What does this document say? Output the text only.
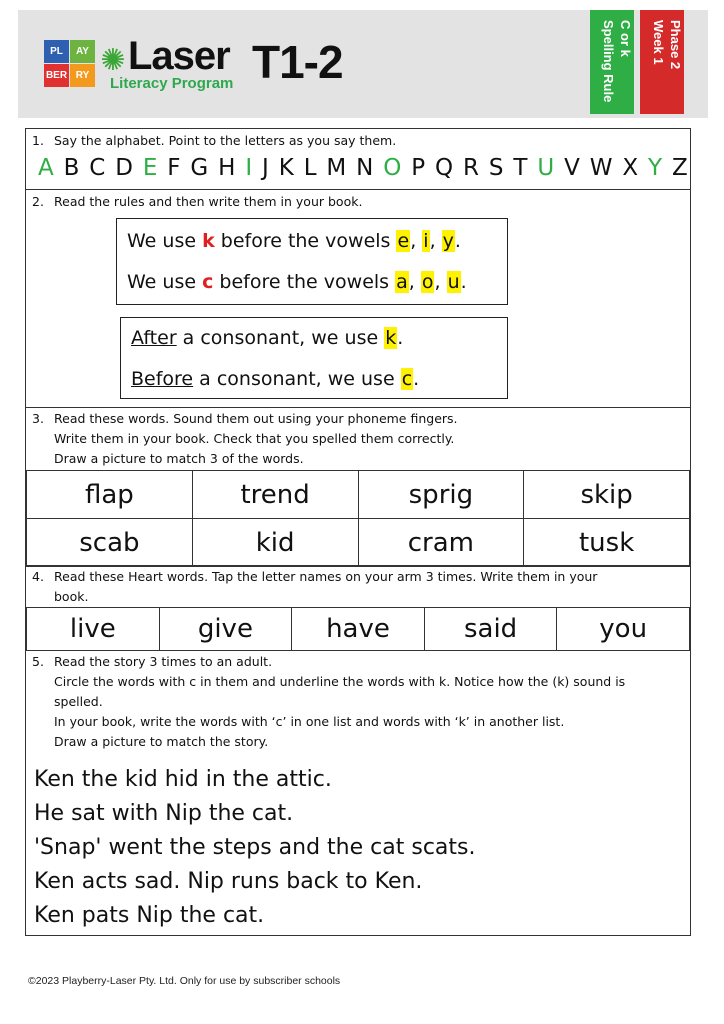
PL	AY
BER RY ✺ Laser
Literacy Program T1-2	C or k
Spelling Rule	Phase 2
Week 1
1. Say the alphabet. Point to the letters as you say them.
A B C D E F G H I J K L M N O P Q R S T U V W X Y Z
2. Read the rules and then write them in your book.
We use k before the vowels e, i, y.
We use c before the vowels a, o, u.
After a consonant, we use k.
Before a consonant, we use c.
3. Read these words. Sound them out using your phoneme fingers.
Write them in your book. Check that you spelled them correctly.
Draw a picture to match 3 of the words.
flap	trend	sprig	skip
scab	kid	cram	tusk
4. Read these Heart words. Tap the letter names on your arm 3 times. Write them in your
book.
live	give	have	said	you
5. Read the story 3 times to an adult.
Circle the words with c in them and underline the words with k. Notice how the (k) sound is
spelled.
In your book, write the words with ‘c’ in one list and words with ‘k’ in another list.
Draw a picture to match the story.
Ken the kid hid in the attic.
He sat with Nip the cat.
'Snap' went the steps and the cat scats.
Ken acts sad. Nip runs back to Ken.
Ken pats Nip the cat.
©2023 Playberry-Laser Pty. Ltd. Only for use by subscriber schools
